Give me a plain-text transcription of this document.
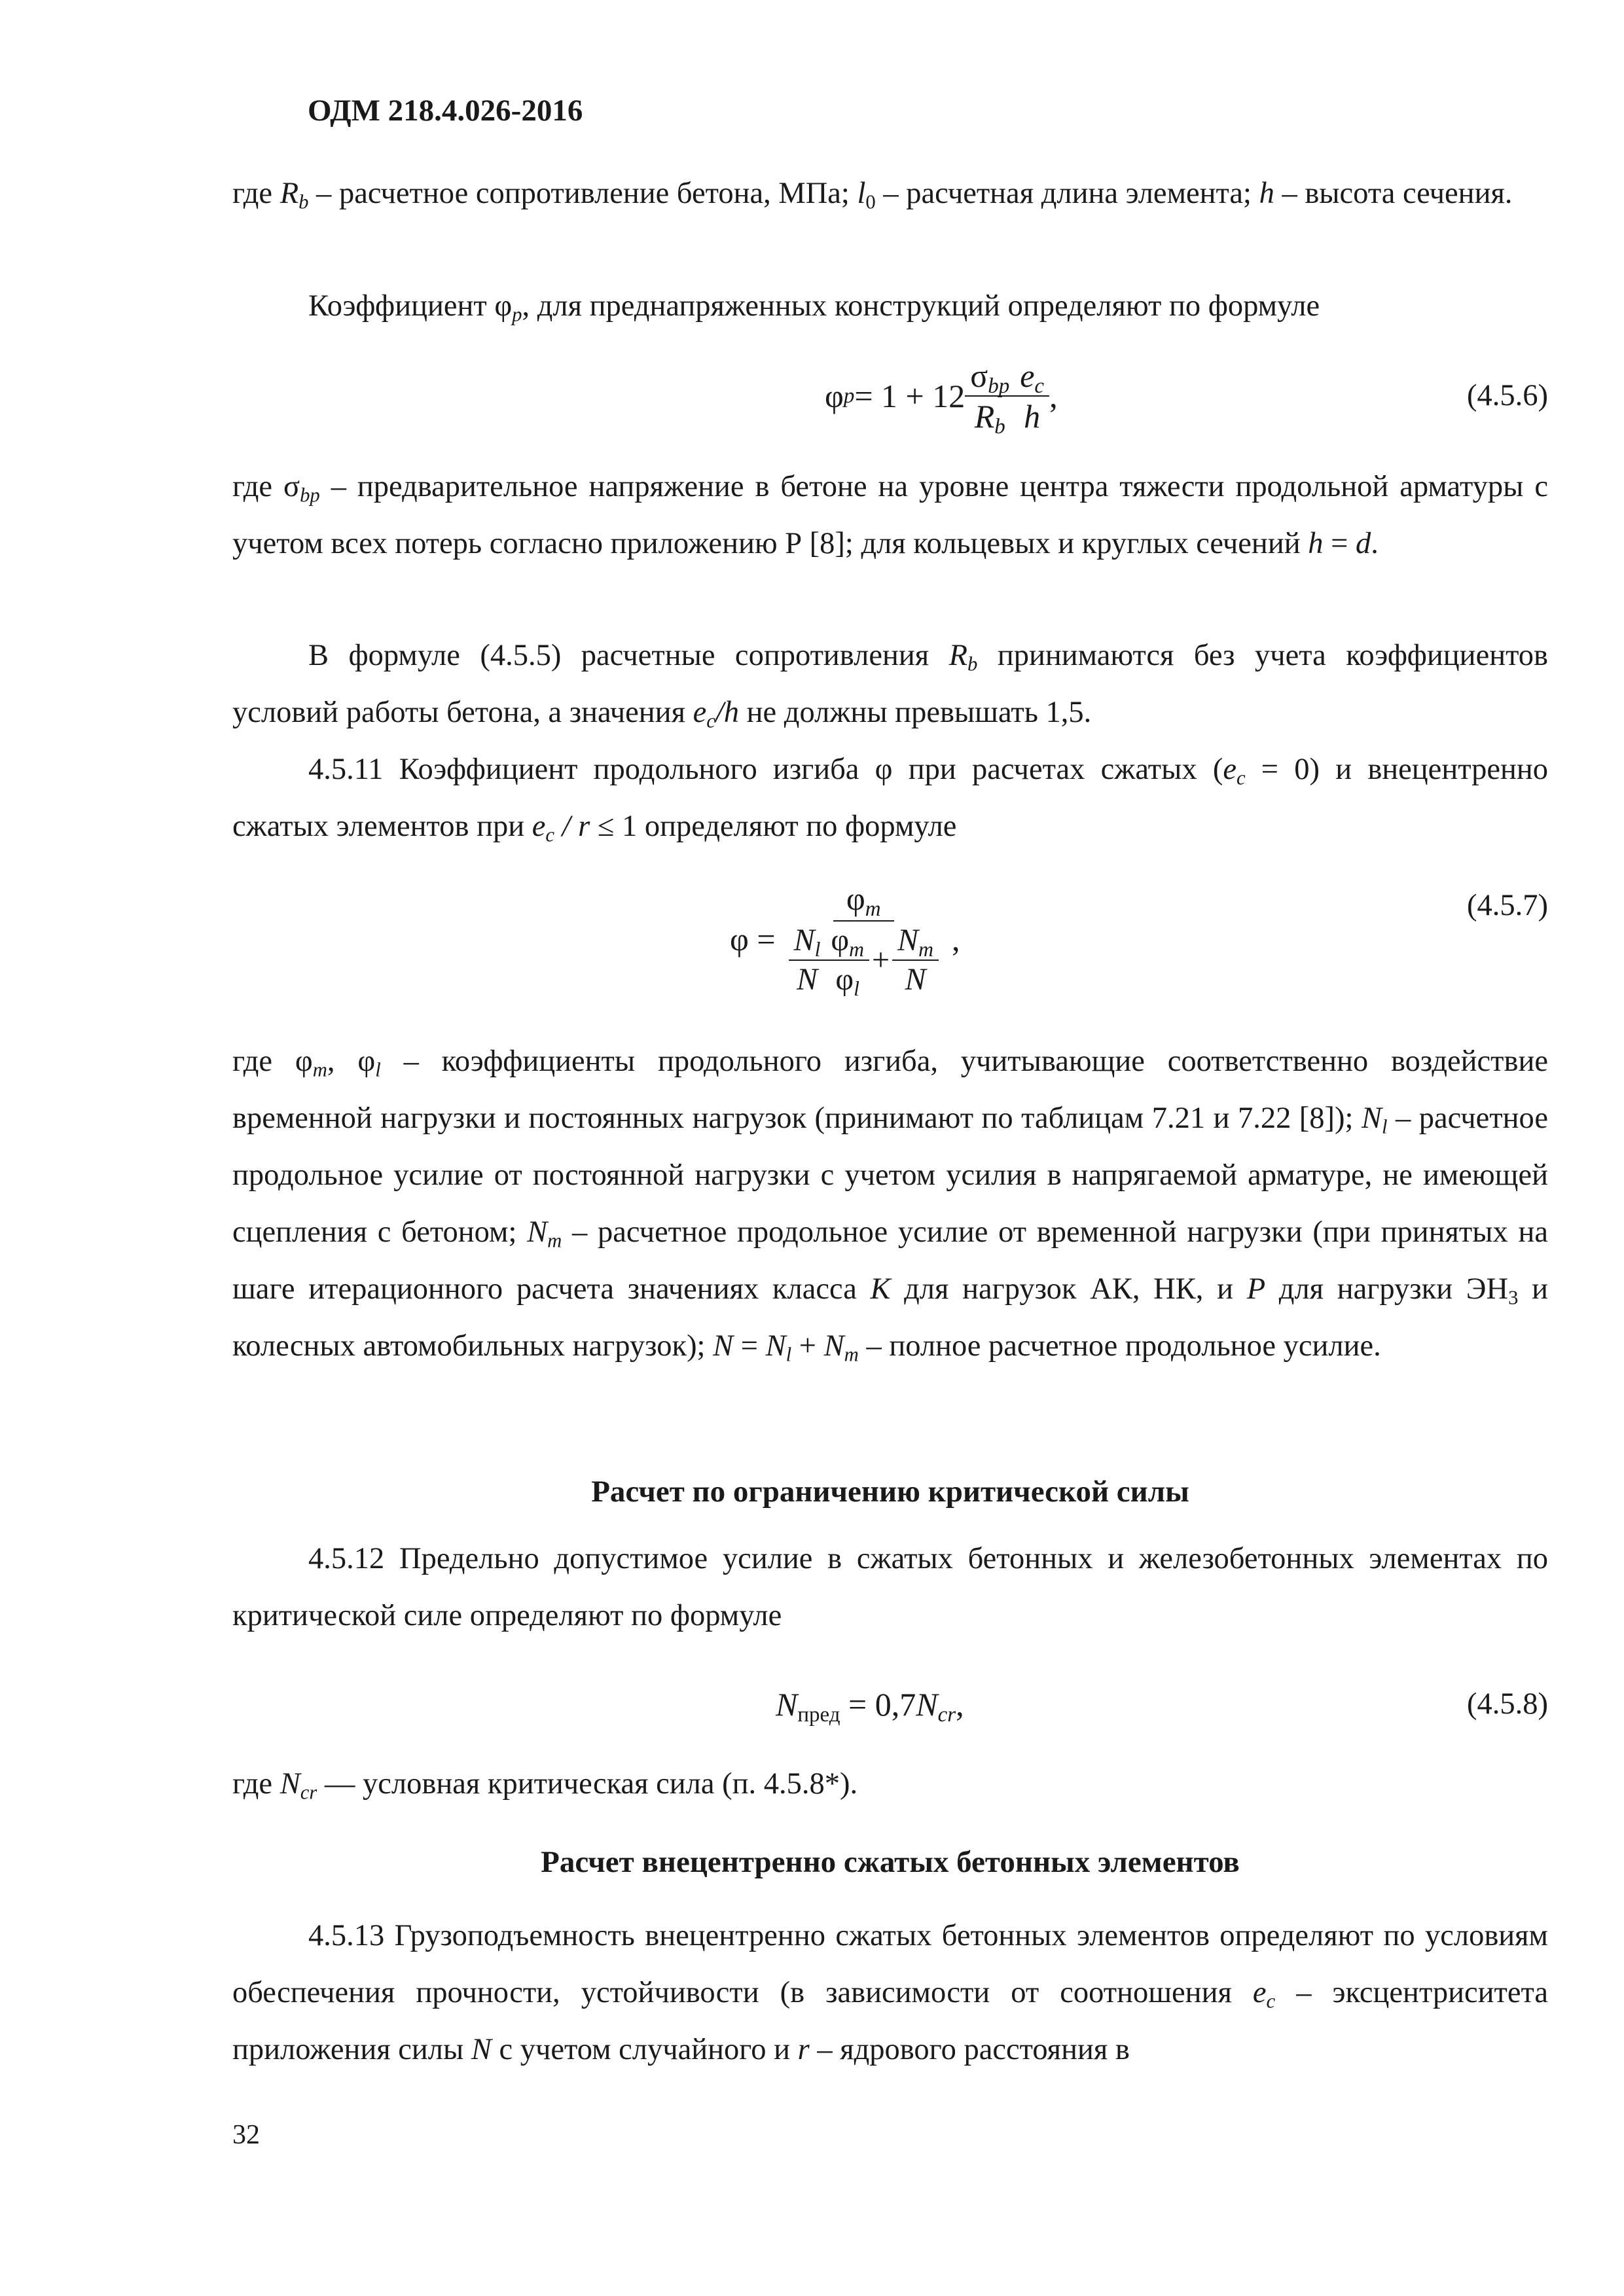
ОДМ 218.4.026-2016

где $R_b$ – расчетное сопротивление бетона, МПа; $l_0$ – расчетная длина элемента; h – высота сечения.

Коэффициент $\varphi_p$, для преднапряженных конструкций определяют по формуле

φ $p = 1 + 12 \frac{\sigma_{bp}}{R_b} \frac{e_c}{h}$ ,	(4.5.6)

где $\sigma_{bp}$ – предварительное напряжение в бетоне на уровне центра тяжести продольной арматуры с учетом всех потерь согласно приложению Р [8]; для кольцевых и круглых сечений h = d.

В формуле (4.5.5) расчетные сопротивления $R_b$ принимаются без учета коэффициентов условий работы бетона, а значения $e_c/h$ не должны превышать 1,5.

4.5.11 Коэффициент продольного изгиба φ при расчетах сжатых $(e_c = 0)$ и внецентренно сжатых элементов при $e_c / r \le 1$ определяют по формуле

$\varphi = \frac{\varphi_m}{\frac{N_l}{N} \frac{\varphi_m}{\varphi_l} + \frac{N_m}{N}}$ ,
(4.5.7)

где $\varphi_m$, $\varphi_l$ – коэффициенты продольного изгиба, учитывающие соответственно воздействие временной нагрузки и постоянных нагрузок (принимают по таблицам 7.21 и 7.22 [8]); $N_l$ – расчетное продольное усилие от постоянной нагрузки с учетом усилия в напрягаемой арматуре, не имеющей сцепления с бетоном; $N_m$ – расчетное продольное усилие от временной нагрузки (при принятых на шаге итерационного расчета значениях класса К для нагрузок АК, НК, и Р для нагрузки $ЭН_3$ и колесных автомобильных нагрузок); $N = N_l + N_m$ – полное расчетное продольное усилие.

Расчет по ограничению критической силы

4.5.12 Предельно допустимое усилие в сжатых бетонных и железобетонных элементах по критической силе определяют по формуле

$N_{пред} = 0,7N_{cr}$,	(4.5.8)

где $N_{cr}$ — условная критическая сила (п. 4.5.8*).

Расчет внецентренно сжатых бетонных элементов

4.5.13 Грузоподъемность внецентренно сжатых бетонных элементов определяют по условиям обеспечения прочности, устойчивости (в зависимости от соотношения $e_c$ – эксцентриситета приложения силы N с учетом случайного и r – ядрового расстояния в

32
